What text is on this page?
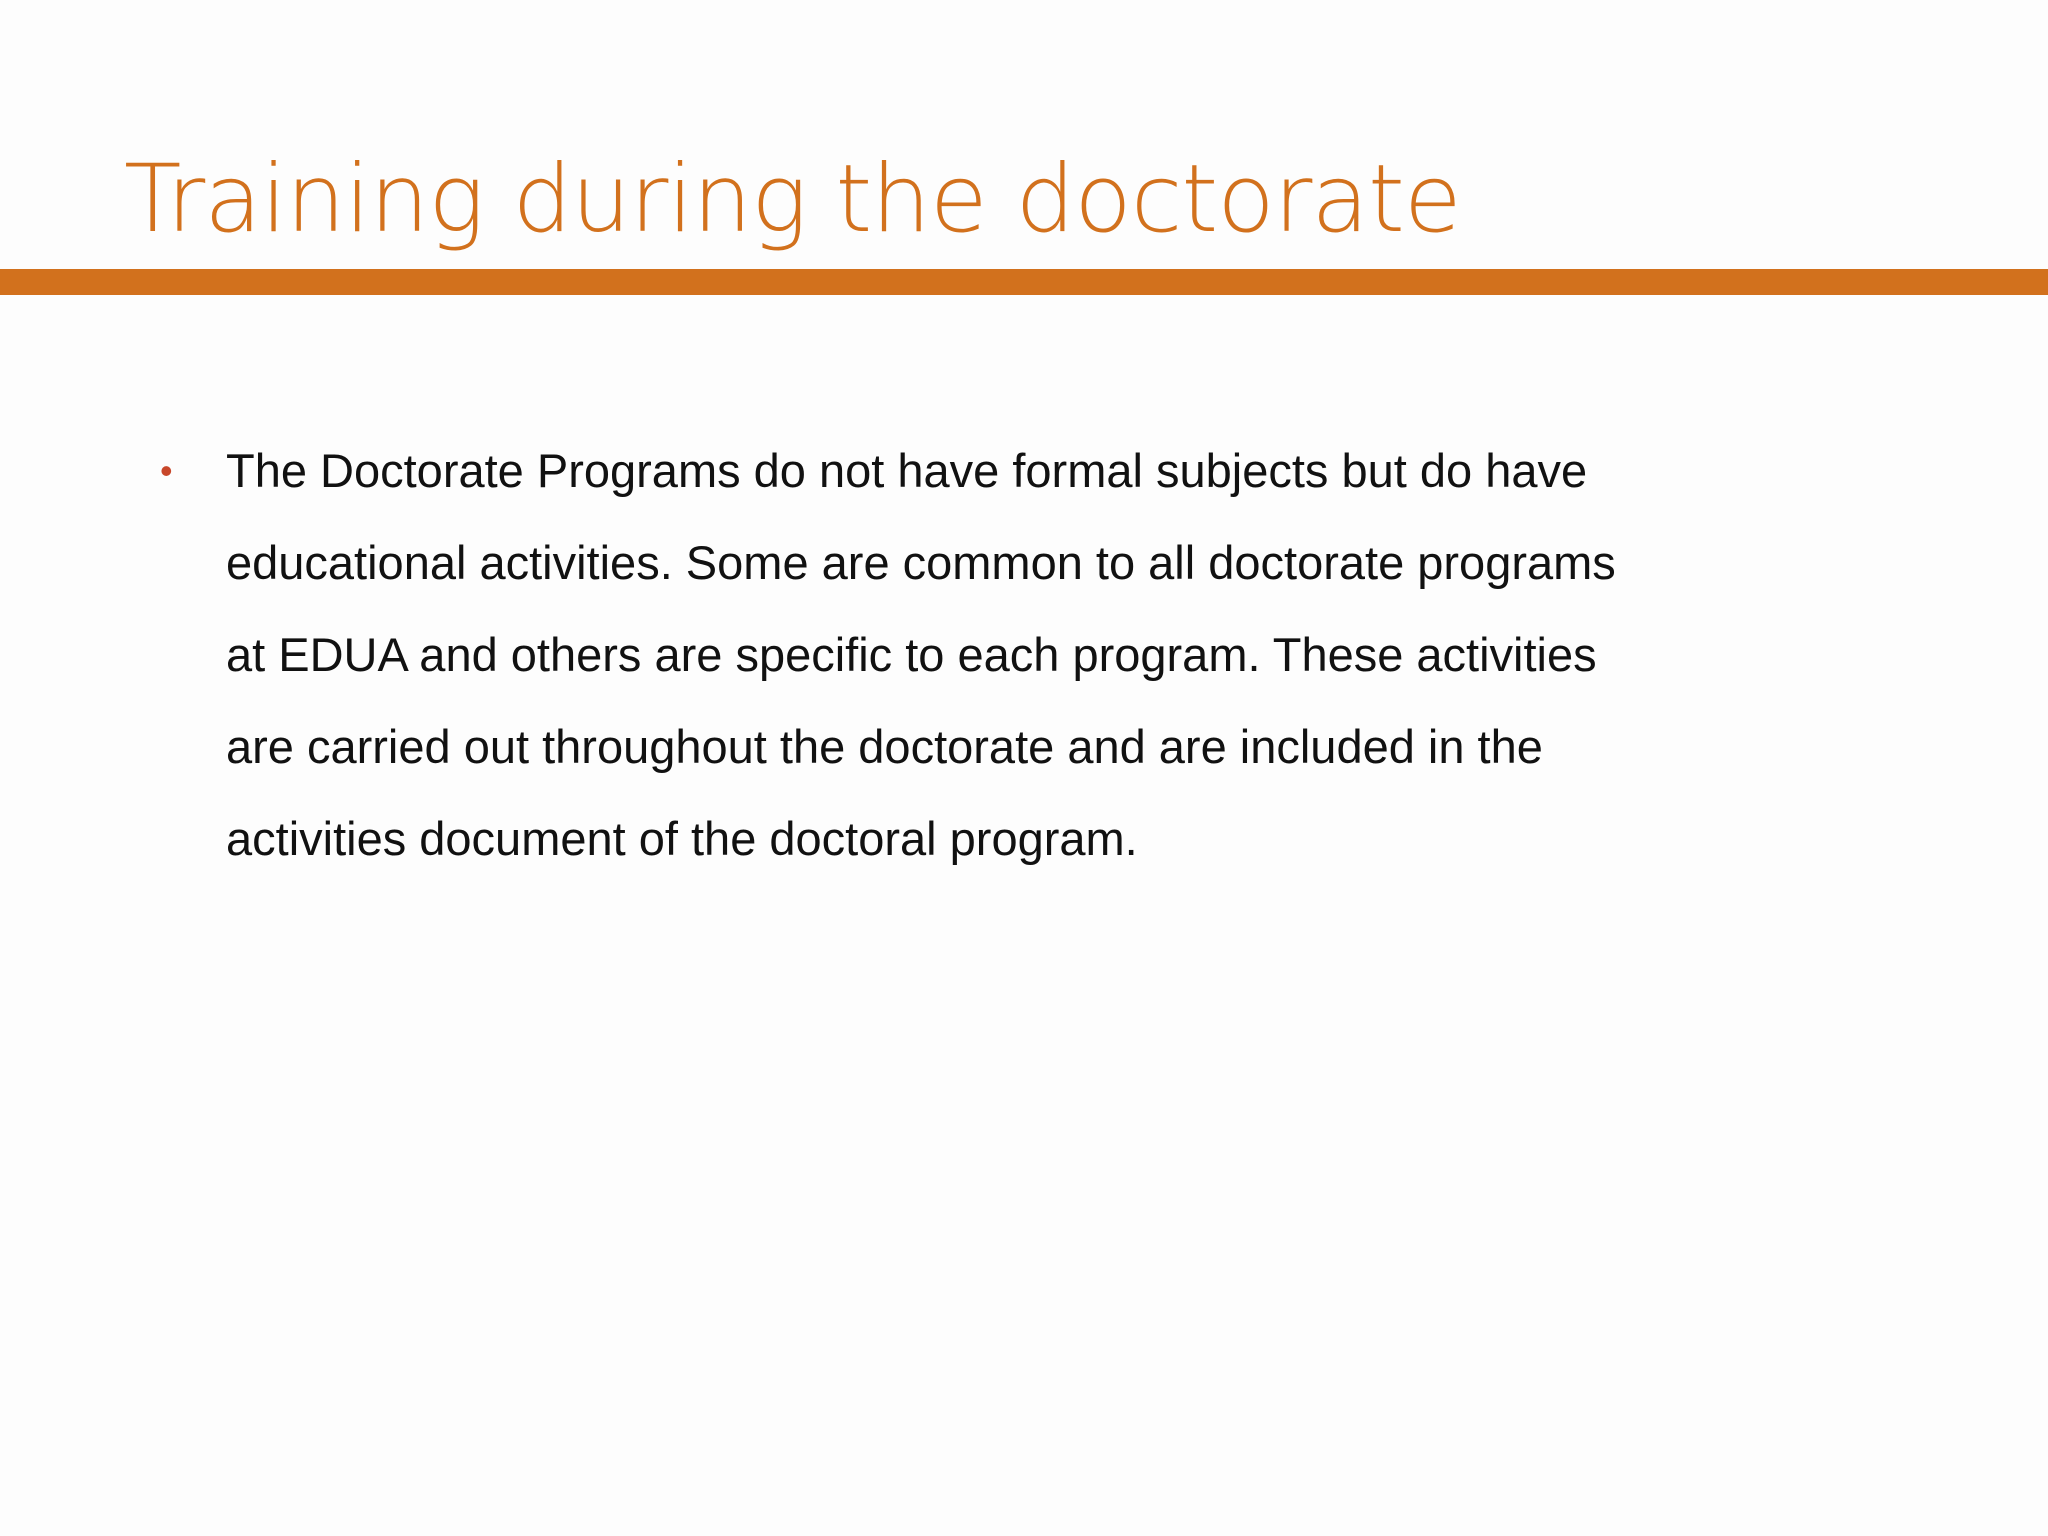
Training during the doctorate
• The Doctorate Programs do not have formal subjects but do have educational activities. Some are common to all doctorate programs at EDUA and others are specific to each program. These activities are carried out throughout the doctorate and are included in the activities document of the doctoral program.
